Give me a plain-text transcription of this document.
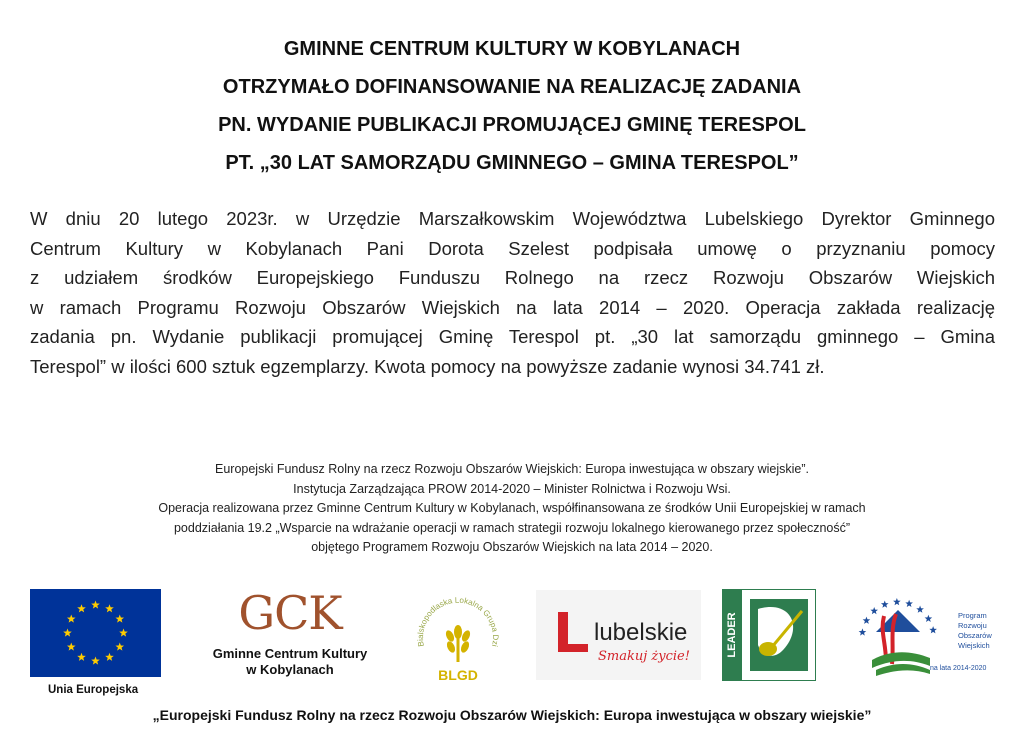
GMINNE CENTRUM KULTURY W KOBYLANACH
OTRZYMAŁO DOFINANSOWANIE NA REALIZACJĘ ZADANIA
PN. WYDANIE PUBLIKACJI PROMUJĄCEJ GMINĘ TERESPOL
PT. „30 LAT SAMORZĄDU GMINNEGO – GMINA TERESPOL”
W dniu 20 lutego 2023r. w Urzędzie Marszałkowskim Województwa Lubelskiego Dyrektor Gminnego
Centrum Kultury w Kobylanach Pani Dorota Szelest podpisała umowę o przyznaniu pomocy
z udziałem środków Europejskiego Funduszu Rolnego na rzecz Rozwoju Obszarów Wiejskich
w ramach Programu Rozwoju Obszarów Wiejskich na lata 2014 – 2020. Operacja zakłada realizację
zadania pn. Wydanie publikacji promującej Gminę Terespol pt. „30 lat samorządu gminnego – Gmina
Terespol” w ilości 600 sztuk egzemplarzy. Kwota pomocy na powyższe zadanie wynosi 34.741 zł.
Europejski Fundusz Rolny na rzecz Rozwoju Obszarów Wiejskich: Europa inwestująca w obszary wiejskie”.
Instytucja Zarządzająca PROW 2014-2020 – Minister Rolnictwa i Rozwoju Wsi.
Operacja realizowana przez Gminne Centrum Kultury w Kobylanach, współfinansowana ze środków Unii Europejskiej w ramach
poddziałania 19.2 „Wsparcie na wdrażanie operacji w ramach strategii rozwoju lokalnego kierowanego przez społeczność”
objętego Programem Rozwoju Obszarów Wiejskich na lata 2014 – 2020.
Unia Europejska
GCK
Gminne Centrum Kultury
w Kobylanach
Bialskopodlaska Lokalna Grupa Dzi
BLGD
lubelskie
Smakuj życie!	LEADER	Program
Rozwoju
Obszarów
Wiejskich
na lata 2014-2020
„Europejski Fundusz Rolny na rzecz Rozwoju Obszarów Wiejskich: Europa inwestująca w obszary wiejskie”
